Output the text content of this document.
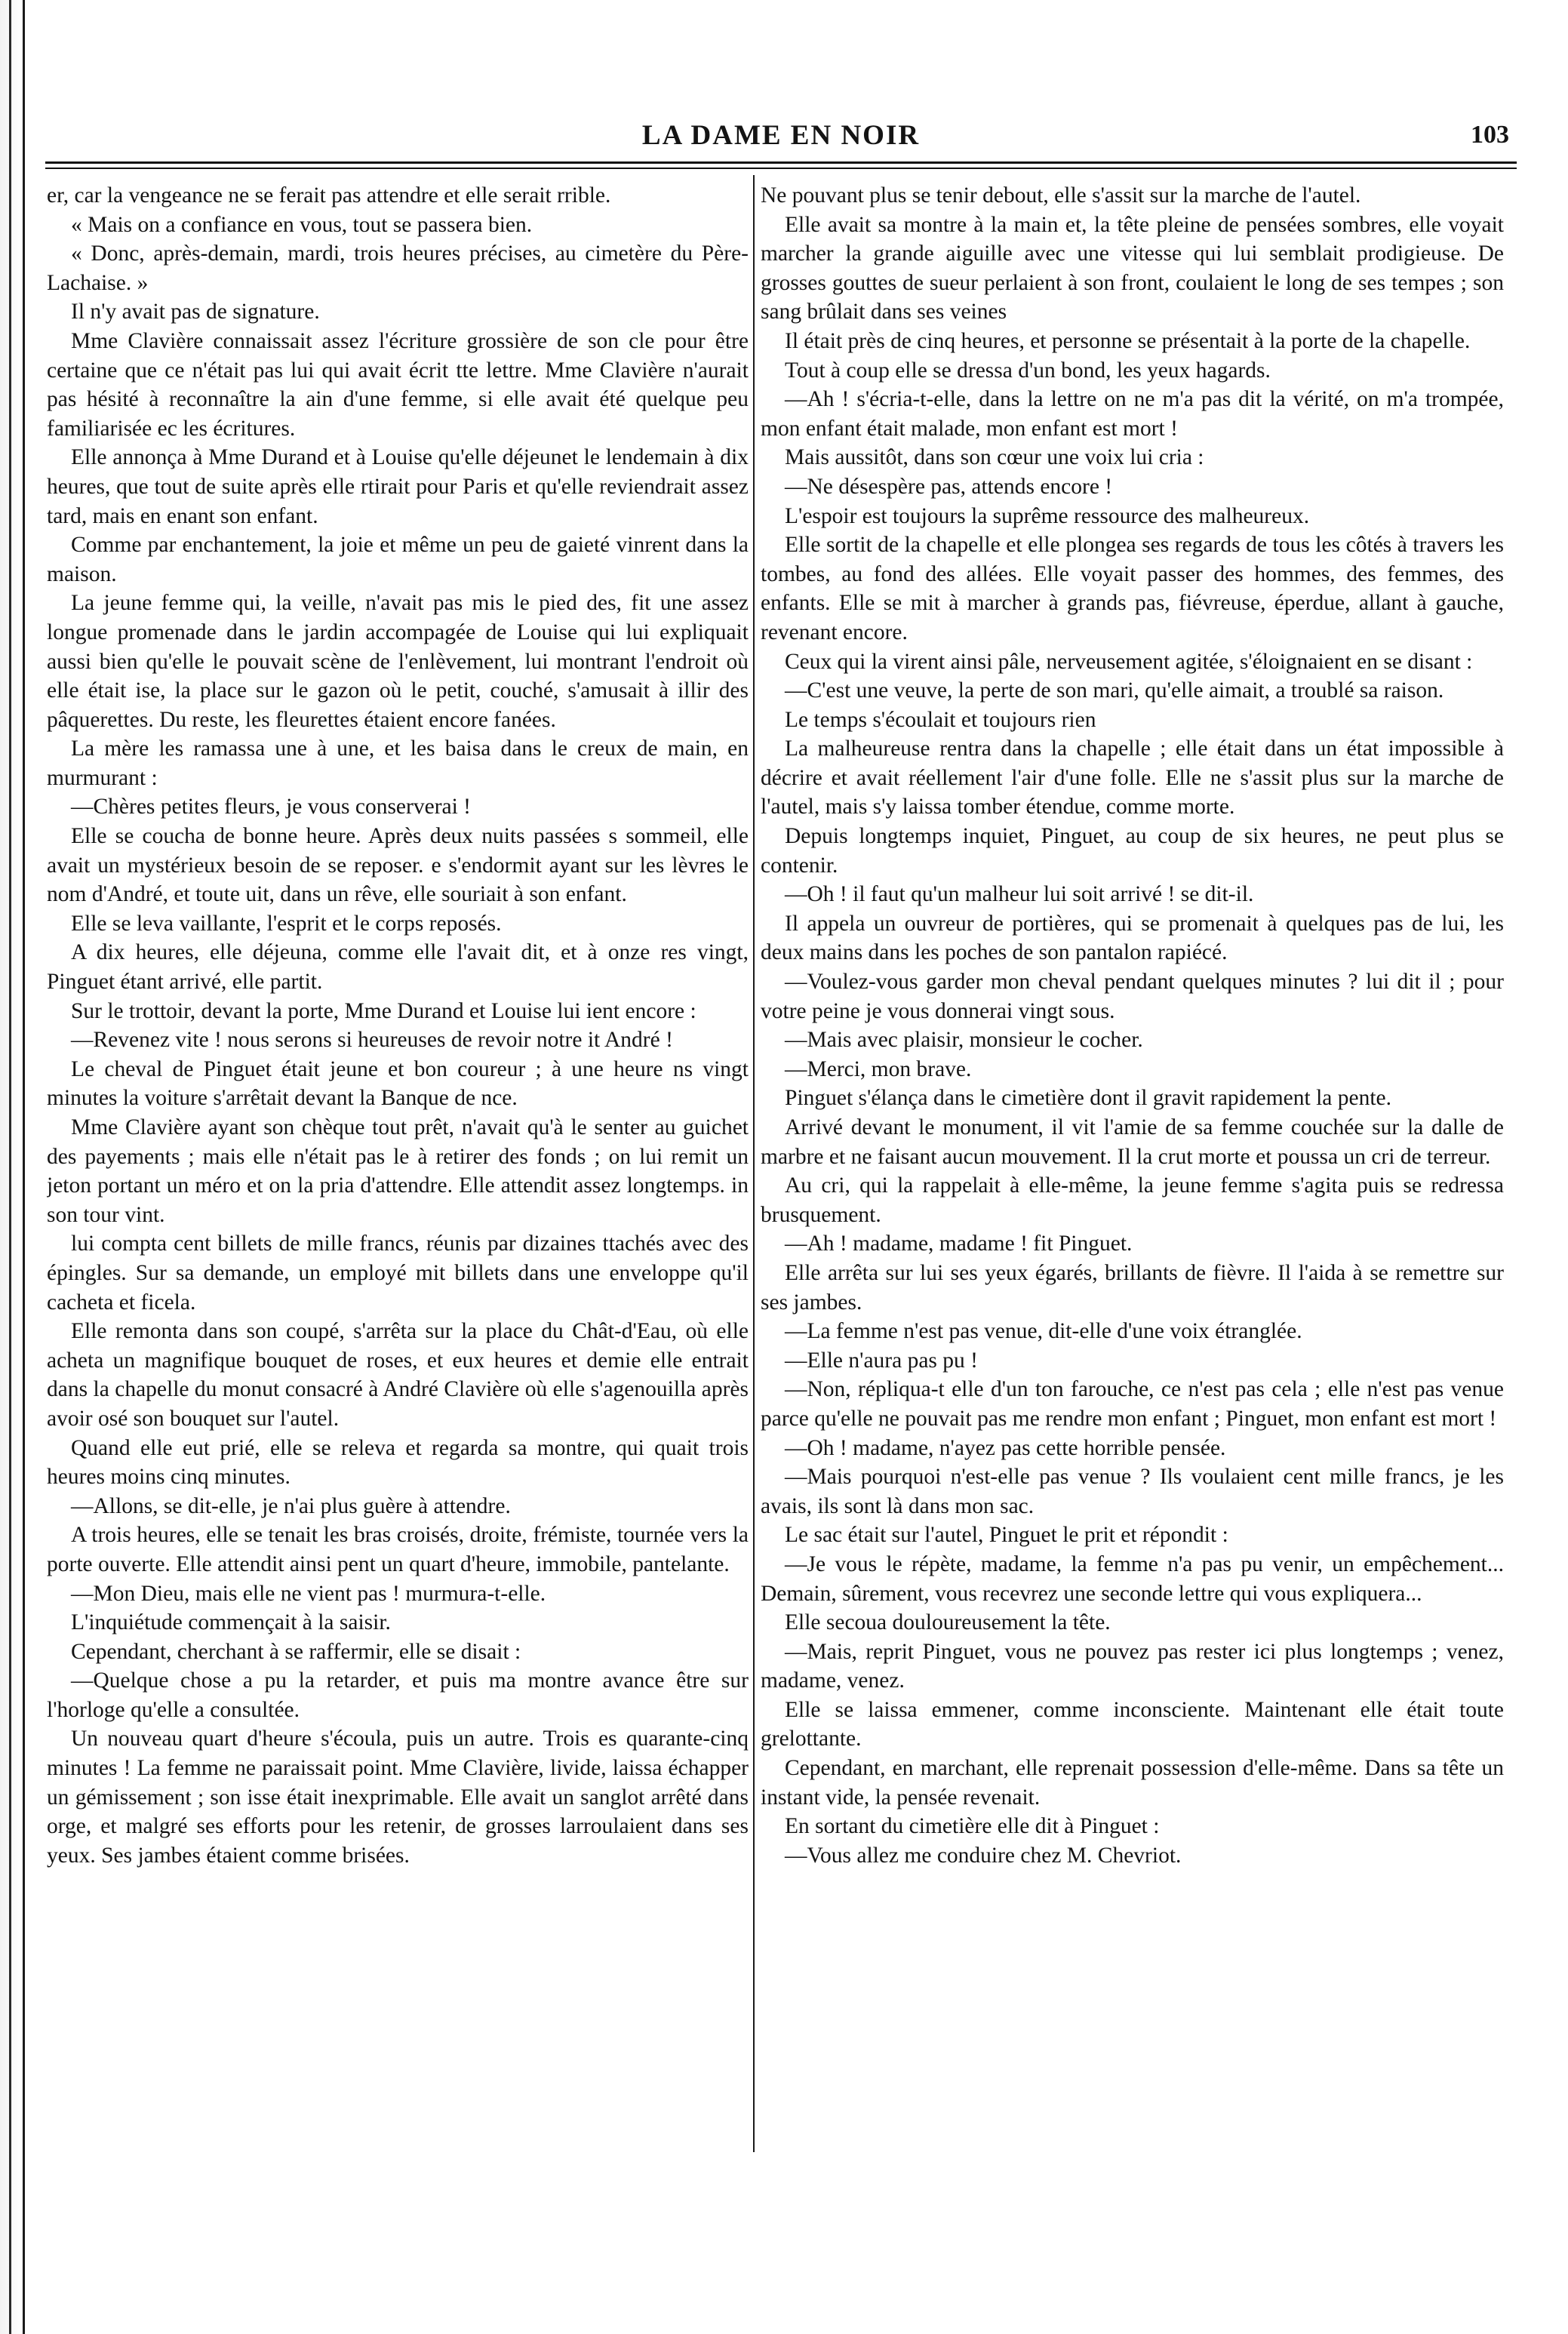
LA DAME EN NOIR	103

er, car la vengeance ne se ferait pas attendre et elle serait rrible.

« Mais on a confiance en vous, tout se passera bien.

« Donc, après-demain, mardi, trois heures précises, au cimetère du Père-Lachaise. »

Il n'y avait pas de signature.

Mme Clavière connaissait assez l'écriture grossière de son cle pour être certaine que ce n'était pas lui qui avait écrit tte lettre. Mme Clavière n'aurait pas hésité à reconnaître la ain d'une femme, si elle avait été quelque peu familiarisée ec les écritures.

Elle annonça à Mme Durand et à Louise qu'elle déjeunet le lendemain à dix heures, que tout de suite après elle rtirait pour Paris et qu'elle reviendrait assez tard, mais en enant son enfant.

Comme par enchantement, la joie et même un peu de gaieté vinrent dans la maison.

La jeune femme qui, la veille, n'avait pas mis le pied des, fit une assez longue promenade dans le jardin accompagée de Louise qui lui expliquait aussi bien qu'elle le pouvait scène de l'enlèvement, lui montrant l'endroit où elle était ise, la place sur le gazon où le petit, couché, s'amusait à illir des pâquerettes. Du reste, les fleurettes étaient encore fanées.

La mère les ramassa une à une, et les baisa dans le creux de main, en murmurant :

—Chères petites fleurs, je vous conserverai !

Elle se coucha de bonne heure. Après deux nuits passées s sommeil, elle avait un mystérieux besoin de se reposer. e s'endormit ayant sur les lèvres le nom d'André, et toute uit, dans un rêve, elle souriait à son enfant.

Elle se leva vaillante, l'esprit et le corps reposés.

A dix heures, elle déjeuna, comme elle l'avait dit, et à onze res vingt, Pinguet étant arrivé, elle partit.

Sur le trottoir, devant la porte, Mme Durand et Louise lui ient encore :

—Revenez vite ! nous serons si heureuses de revoir notre it André !

Le cheval de Pinguet était jeune et bon coureur ; à une heure ns vingt minutes la voiture s'arrêtait devant la Banque de nce.

Mme Clavière ayant son chèque tout prêt, n'avait qu'à le senter au guichet des payements ; mais elle n'était pas le à retirer des fonds ; on lui remit un jeton portant un méro et on la pria d'attendre. Elle attendit assez longtemps. in son tour vint.

lui compta cent billets de mille francs, réunis par dizaines ttachés avec des épingles. Sur sa demande, un employé mit billets dans une enveloppe qu'il cacheta et ficela.

Elle remonta dans son coupé, s'arrêta sur la place du Chât-d'Eau, où elle acheta un magnifique bouquet de roses, et eux heures et demie elle entrait dans la chapelle du monut consacré à André Clavière où elle s'agenouilla après avoir osé son bouquet sur l'autel.

Quand elle eut prié, elle se releva et regarda sa montre, qui quait trois heures moins cinq minutes.

—Allons, se dit-elle, je n'ai plus guère à attendre.

A trois heures, elle se tenait les bras croisés, droite, frémiste, tournée vers la porte ouverte. Elle attendit ainsi pent un quart d'heure, immobile, pantelante.

—Mon Dieu, mais elle ne vient pas ! murmura-t-elle.

L'inquiétude commençait à la saisir.

Cependant, cherchant à se raffermir, elle se disait :

—Quelque chose a pu la retarder, et puis ma montre avance être sur l'horloge qu'elle a consultée.

Un nouveau quart d'heure s'écoula, puis un autre. Trois es quarante-cinq minutes ! La femme ne paraissait point. Mme Clavière, livide, laissa échapper un gémissement ; son isse était inexprimable. Elle avait un sanglot arrêté dans orge, et malgré ses efforts pour les retenir, de grosses larroulaient dans ses yeux. Ses jambes étaient comme brisées.

Ne pouvant plus se tenir debout, elle s'assit sur la marche de l'autel.

Elle avait sa montre à la main et, la tête pleine de pensées sombres, elle voyait marcher la grande aiguille avec une vitesse qui lui semblait prodigieuse. De grosses gouttes de sueur perlaient à son front, coulaient le long de ses tempes ; son sang brûlait dans ses veines

Il était près de cinq heures, et personne se présentait à la porte de la chapelle.

Tout à coup elle se dressa d'un bond, les yeux hagards.

—Ah ! s'écria-t-elle, dans la lettre on ne m'a pas dit la vérité, on m'a trompée, mon enfant était malade, mon enfant est mort !

Mais aussitôt, dans son cœur une voix lui cria :

—Ne désespère pas, attends encore !

L'espoir est toujours la suprême ressource des malheureux.

Elle sortit de la chapelle et elle plongea ses regards de tous les côtés à travers les tombes, au fond des allées. Elle voyait passer des hommes, des femmes, des enfants. Elle se mit à marcher à grands pas, fiévreuse, éperdue, allant à gauche, revenant encore.

Ceux qui la virent ainsi pâle, nerveusement agitée, s'éloignaient en se disant :

—C'est une veuve, la perte de son mari, qu'elle aimait, a troublé sa raison.

Le temps s'écoulait et toujours rien

La malheureuse rentra dans la chapelle ; elle était dans un état impossible à décrire et avait réellement l'air d'une folle. Elle ne s'assit plus sur la marche de l'autel, mais s'y laissa tomber étendue, comme morte.

Depuis longtemps inquiet, Pinguet, au coup de six heures, ne peut plus se contenir.

—Oh ! il faut qu'un malheur lui soit arrivé ! se dit-il.

Il appela un ouvreur de portières, qui se promenait à quelques pas de lui, les deux mains dans les poches de son pantalon rapiécé.

—Voulez-vous garder mon cheval pendant quelques minutes ? lui dit il ; pour votre peine je vous donnerai vingt sous.

—Mais avec plaisir, monsieur le cocher.

—Merci, mon brave.

Pinguet s'élança dans le cimetière dont il gravit rapidement la pente.

Arrivé devant le monument, il vit l'amie de sa femme couchée sur la dalle de marbre et ne faisant aucun mouvement. Il la crut morte et poussa un cri de terreur.

Au cri, qui la rappelait à elle-même, la jeune femme s'agita puis se redressa brusquement.

—Ah ! madame, madame ! fit Pinguet.

Elle arrêta sur lui ses yeux égarés, brillants de fièvre. Il l'aida à se remettre sur ses jambes.

—La femme n'est pas venue, dit-elle d'une voix étranglée.

—Elle n'aura pas pu !

—Non, répliqua-t elle d'un ton farouche, ce n'est pas cela ; elle n'est pas venue parce qu'elle ne pouvait pas me rendre mon enfant ; Pinguet, mon enfant est mort !

—Oh ! madame, n'ayez pas cette horrible pensée.

—Mais pourquoi n'est-elle pas venue ? Ils voulaient cent mille francs, je les avais, ils sont là dans mon sac.

Le sac était sur l'autel, Pinguet le prit et répondit :

—Je vous le répète, madame, la femme n'a pas pu venir, un empêchement... Demain, sûrement, vous recevrez une seconde lettre qui vous expliquera...

Elle secoua douloureusement la tête.

—Mais, reprit Pinguet, vous ne pouvez pas rester ici plus longtemps ; venez, madame, venez.

Elle se laissa emmener, comme inconsciente. Maintenant elle était toute grelottante.

Cependant, en marchant, elle reprenait possession d'elle-même. Dans sa tête un instant vide, la pensée revenait.

En sortant du cimetière elle dit à Pinguet :

—Vous allez me conduire chez M. Chevriot.
